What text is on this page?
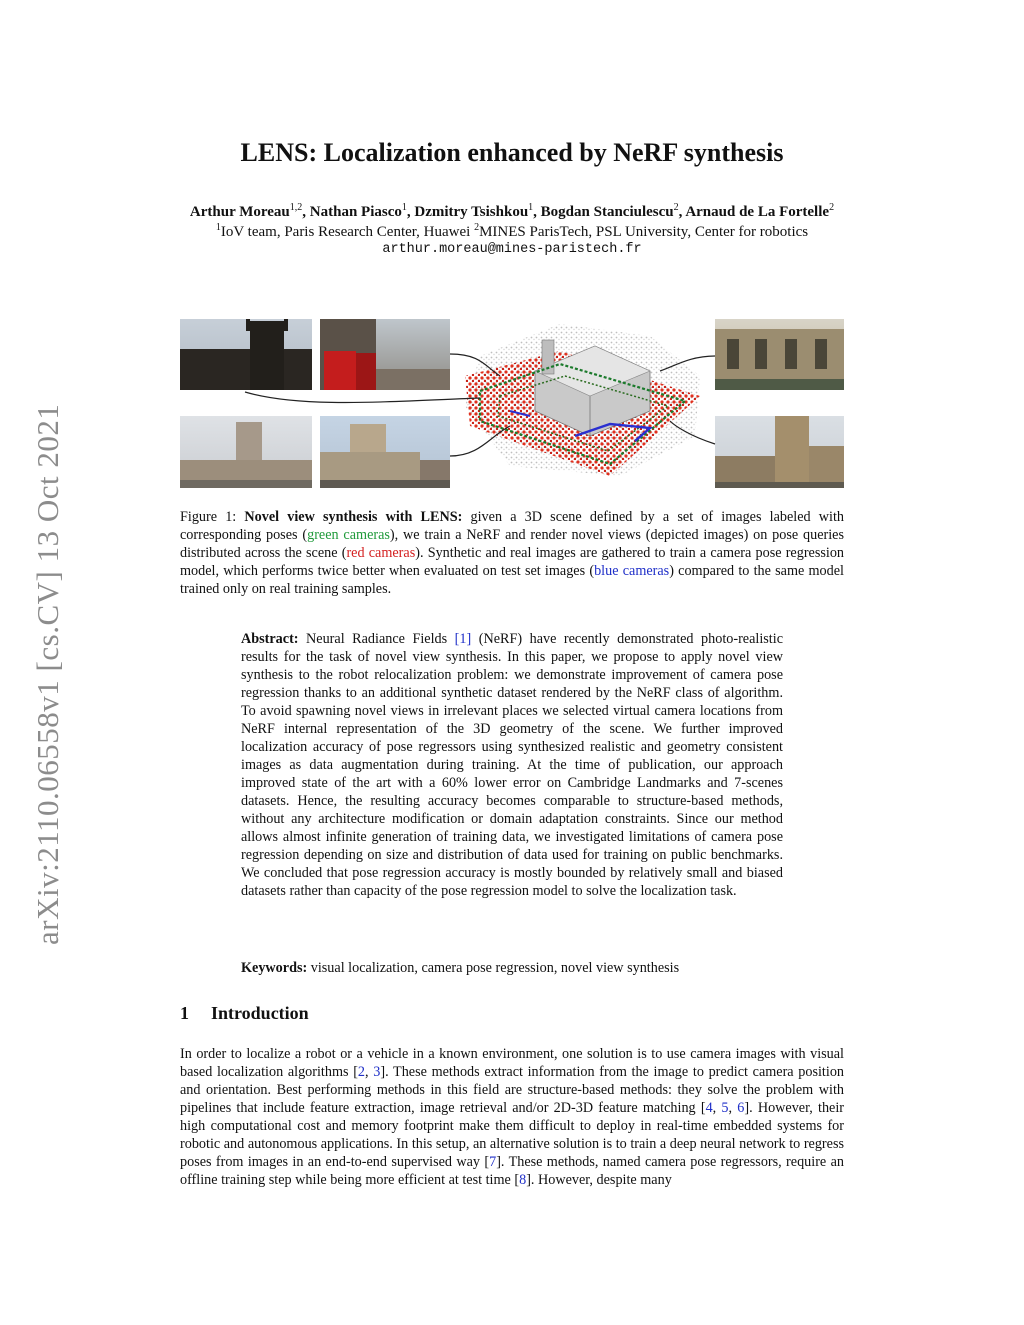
arXiv:2110.06558v1 [cs.CV] 13 Oct 2021
LENS: Localization enhanced by NeRF synthesis
Arthur Moreau$^{1,2}$, Nathan Piasco$^1$, Dzmitry Tsishkou$^1$, Bogdan Stanciulescu$^2$, Arnaud de La Fortelle$^2$
$^1$IoV team, Paris Research Center, Huawei $^2$MINES ParisTech, PSL University, Center for robotics
arthur.moreau@mines-paristech.fr
Figure 1: Novel view synthesis with LENS: given a 3D scene defined by a set of images labeled with corresponding poses (green cameras), we train a NeRF and render novel views (depicted images) on pose queries distributed across the scene (red cameras). Synthetic and real images are gathered to train a camera pose regression model, which performs twice better when evaluated on test set images (blue cameras) compared to the same model trained only on real training samples.
Abstract: Neural Radiance Fields [1] (NeRF) have recently demonstrated photo-realistic results for the task of novel view synthesis. In this paper, we propose to apply novel view synthesis to the robot relocalization problem: we demonstrate improvement of camera pose regression thanks to an additional synthetic dataset rendered by the NeRF class of algorithm. To avoid spawning novel views in irrelevant places we selected virtual camera locations from NeRF internal representation of the 3D geometry of the scene. We further improved localization accuracy of pose regressors using synthesized realistic and geometry consistent images as data augmentation during training. At the time of publication, our approach improved state of the art with a 60% lower error on Cambridge Landmarks and 7-scenes datasets. Hence, the resulting accuracy becomes comparable to structure-based methods, without any architecture modification or domain adaptation constraints. Since our method allows almost infinite generation of training data, we investigated limitations of camera pose regression depending on size and distribution of data used for training on public benchmarks. We concluded that pose regression accuracy is mostly bounded by relatively small and biased datasets rather than capacity of the pose regression model to solve the localization task.
Keywords: visual localization, camera pose regression, novel view synthesis
1 Introduction
In order to localize a robot or a vehicle in a known environment, one solution is to use camera images with visual based localization algorithms [2, 3]. These methods extract information from the image to predict camera position and orientation. Best performing methods in this field are structure-based methods: they solve the problem with pipelines that include feature extraction, image retrieval and/or 2D-3D feature matching [4, 5, 6]. However, their high computational cost and memory footprint make them difficult to deploy in real-time embedded systems for robotic and autonomous applications. In this setup, an alternative solution is to train a deep neural network to regress poses from images in an end-to-end supervised way [7]. These methods, named camera pose regressors, require an offline training step while being more efficient at test time [8]. However, despite many
